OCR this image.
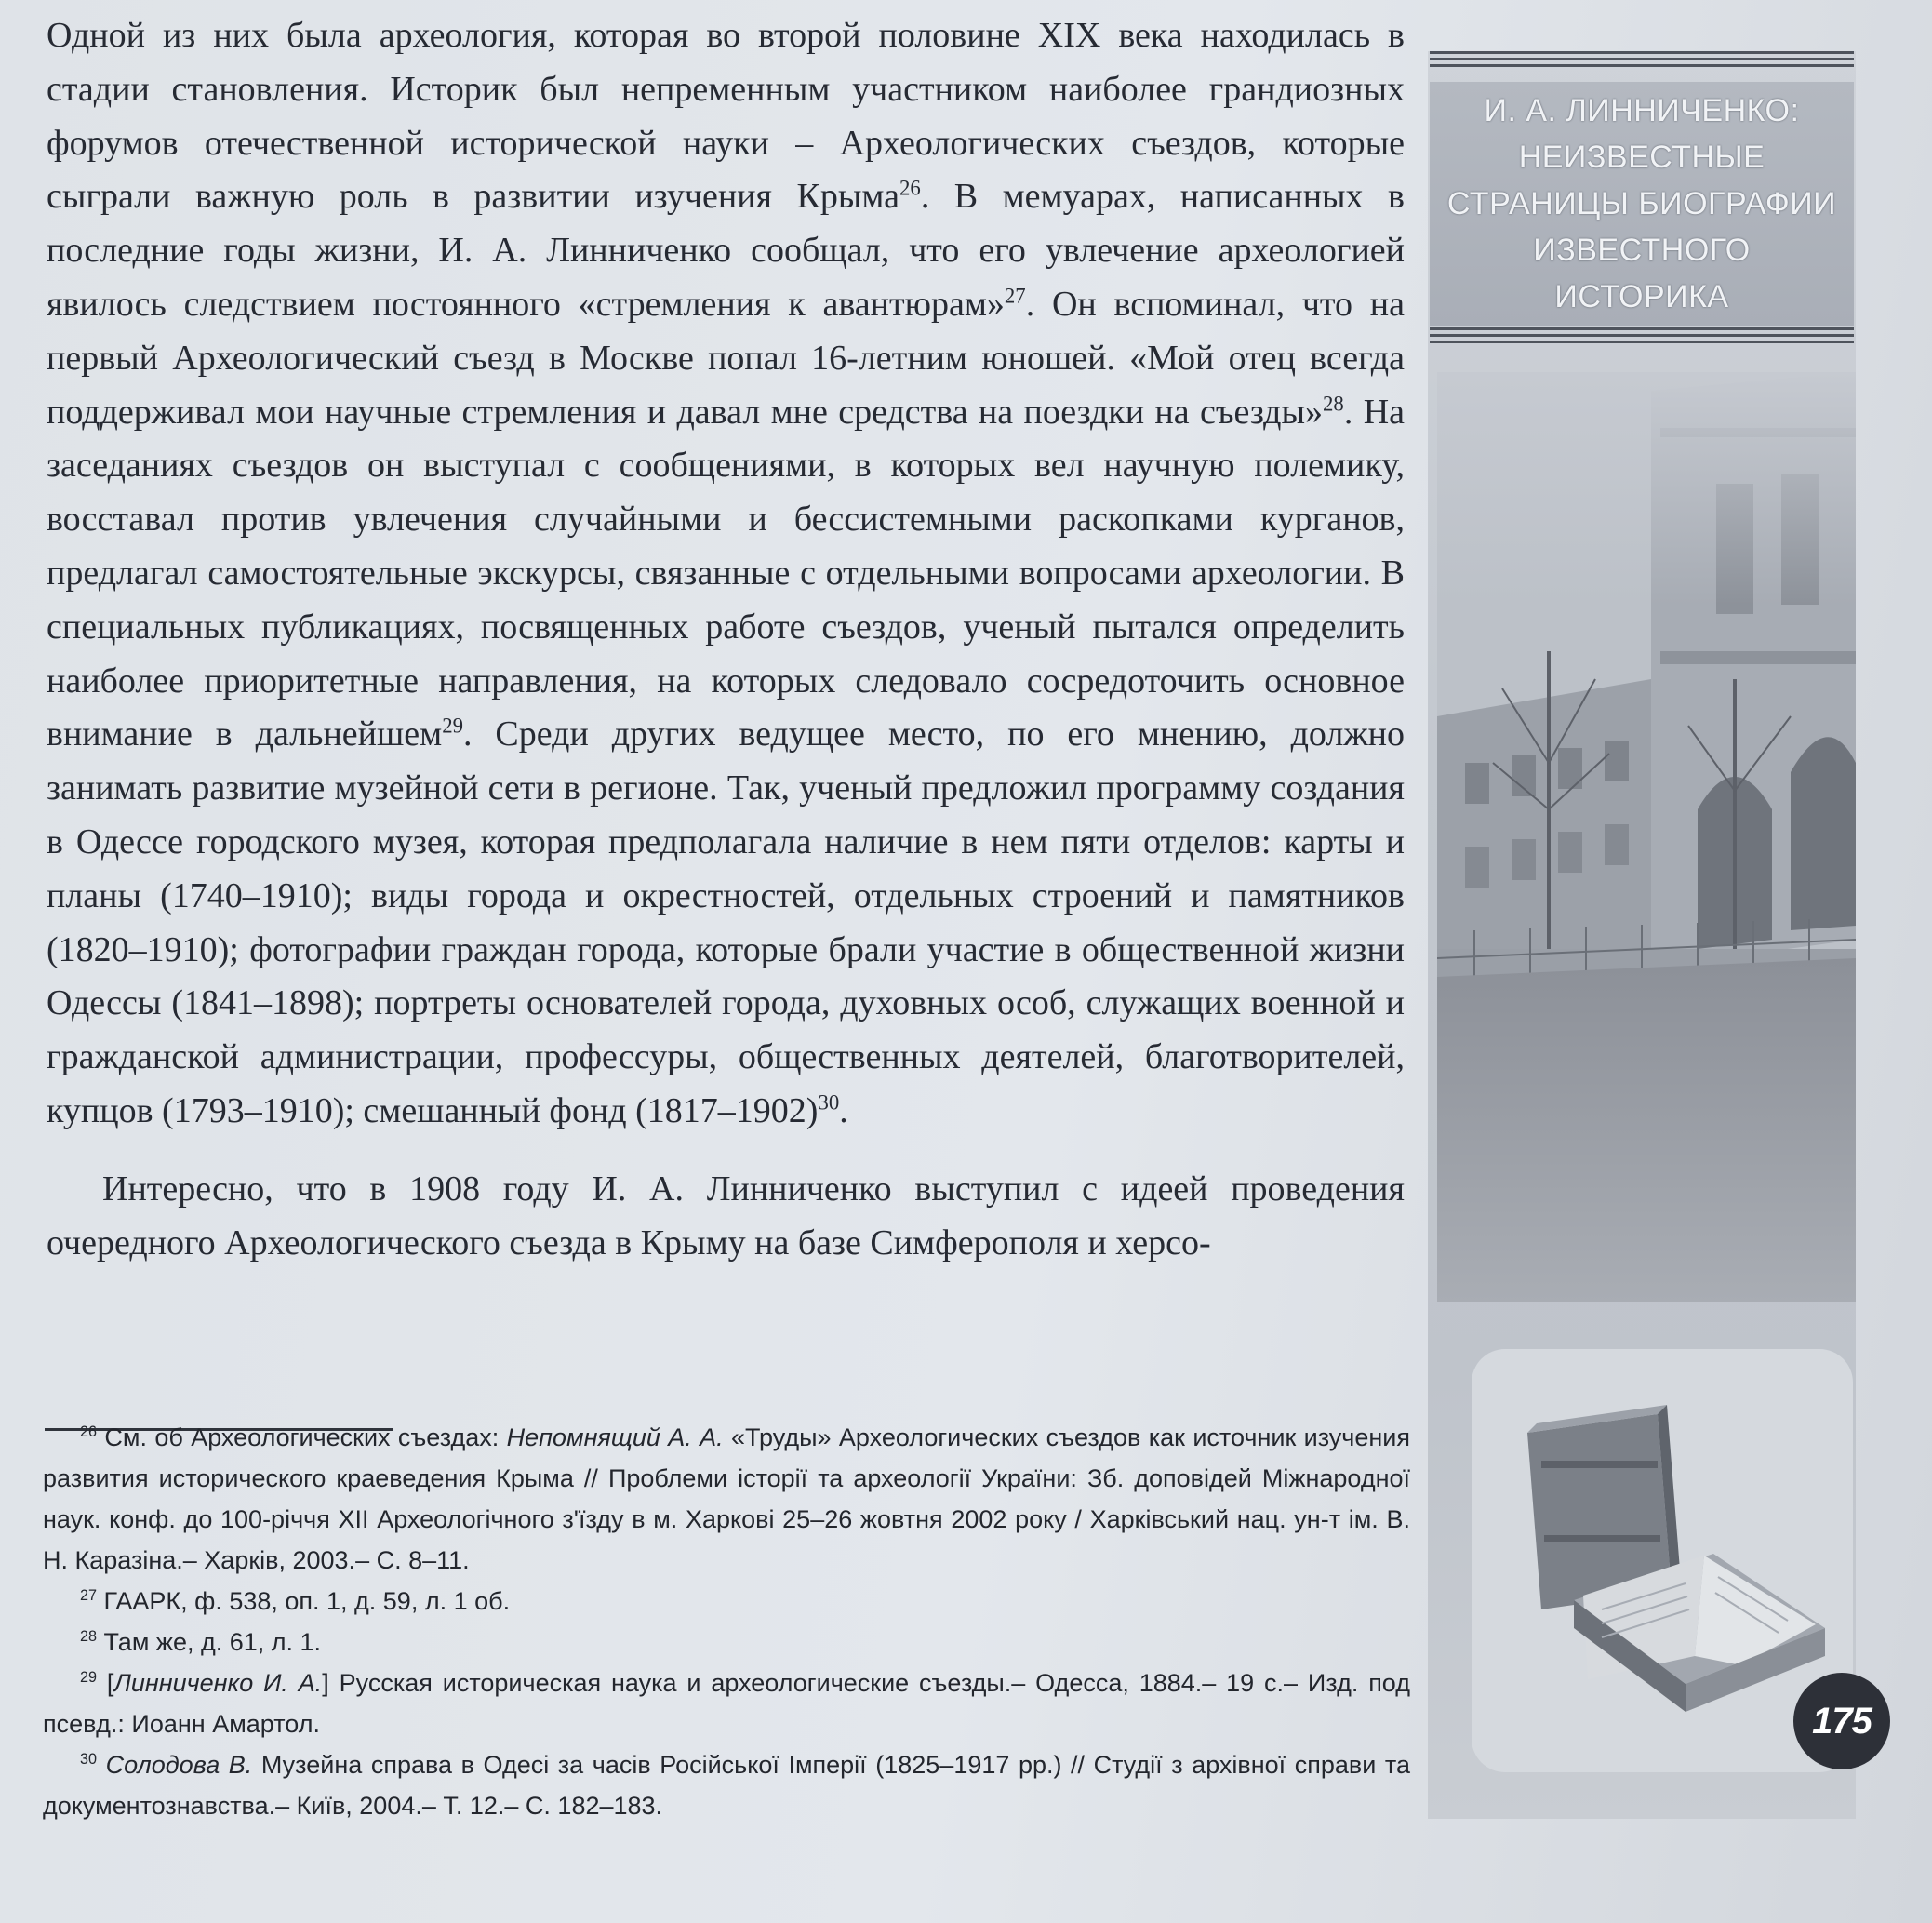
Одной из них была археология, которая во второй половине XIX века находилась в стадии становления. Историк был непременным участником наиболее грандиозных форумов отечественной исторической науки – Археологических съездов, которые сыграли важную роль в развитии изучения Крыма$^{26}$. В мемуарах, написанных в последние годы жизни, И. А. Линниченко сообщал, что его увлечение археологией явилось следствием постоянного «стремления к авантюрам»$^{27}$. Он вспоминал, что на первый Археологический съезд в Москве попал 16-летним юношей. «Мой отец всегда поддерживал мои научные стремления и давал мне средства на поездки на съезды»$^{28}$. На заседаниях съездов он выступал с сообщениями, в которых вел научную полемику, восставал против увлечения случайными и бессистемными раскопками курганов, предлагал самостоятельные экскурсы, связанные с отдельными вопросами археологии. В специальных публикациях, посвященных работе съездов, ученый пытался определить наиболее приоритетные направления, на которых следовало сосредоточить основное внимание в дальнейшем$^{29}$. Среди других ведущее место, по его мнению, должно занимать развитие музейной сети в регионе. Так, ученый предложил программу создания в Одессе городского музея, которая предполагала наличие в нем пяти отделов: карты и планы (1740–1910); виды города и окрестностей, отдельных строений и памятников (1820–1910); фотографии граждан города, которые брали участие в общественной жизни Одессы (1841–1898); портреты основателей города, духовных особ, служащих военной и гражданской администрации, профессуры, общественных деятелей, благотворителей, купцов (1793–1910); смешанный фонд (1817–1902)$^{30}$.

Интересно, что в 1908 году И. А. Линниченко выступил с идеей проведения очередного Археологического съезда в Крыму на базе Симферополя и херсо-

$^{26}$ См. об Археологических съездах: Непомнящий А. А. «Труды» Археологических съездов как источник изучения развития исторического краеведения Крыма // Проблеми історії та археології України: Зб. доповідей Міжнародної наук. конф. до 100-річчя XII Археологічного з'їзду в м. Харкові 25–26 жовтня 2002 року / Харківський нац. ун-т ім. В. Н. Каразіна.– Харків, 2003.– С. 8–11.

$^{27}$ ГААРК, ф. 538, оп. 1, д. 59, л. 1 об.

$^{28}$ Там же, д. 61, л. 1.

$^{29}$ [Линниченко И. А.] Русская историческая наука и археологические съезды.– Одесса, 1884.– 19 с.– Изд. под псевд.: Иоанн Амартол.

$^{30}$ Солодова В. Музейна справа в Одесі за часів Російської Імперії (1825–1917 рр.) // Студії з архівної справи та документознавства.– Київ, 2004.– Т. 12.– С. 182–183.

И. А. ЛИННИЧЕНКО:
НЕИЗВЕСТНЫЕ
СТРАНИЦЫ БИОГРАФИИ
ИЗВЕСТНОГО
ИСТОРИКА
175
